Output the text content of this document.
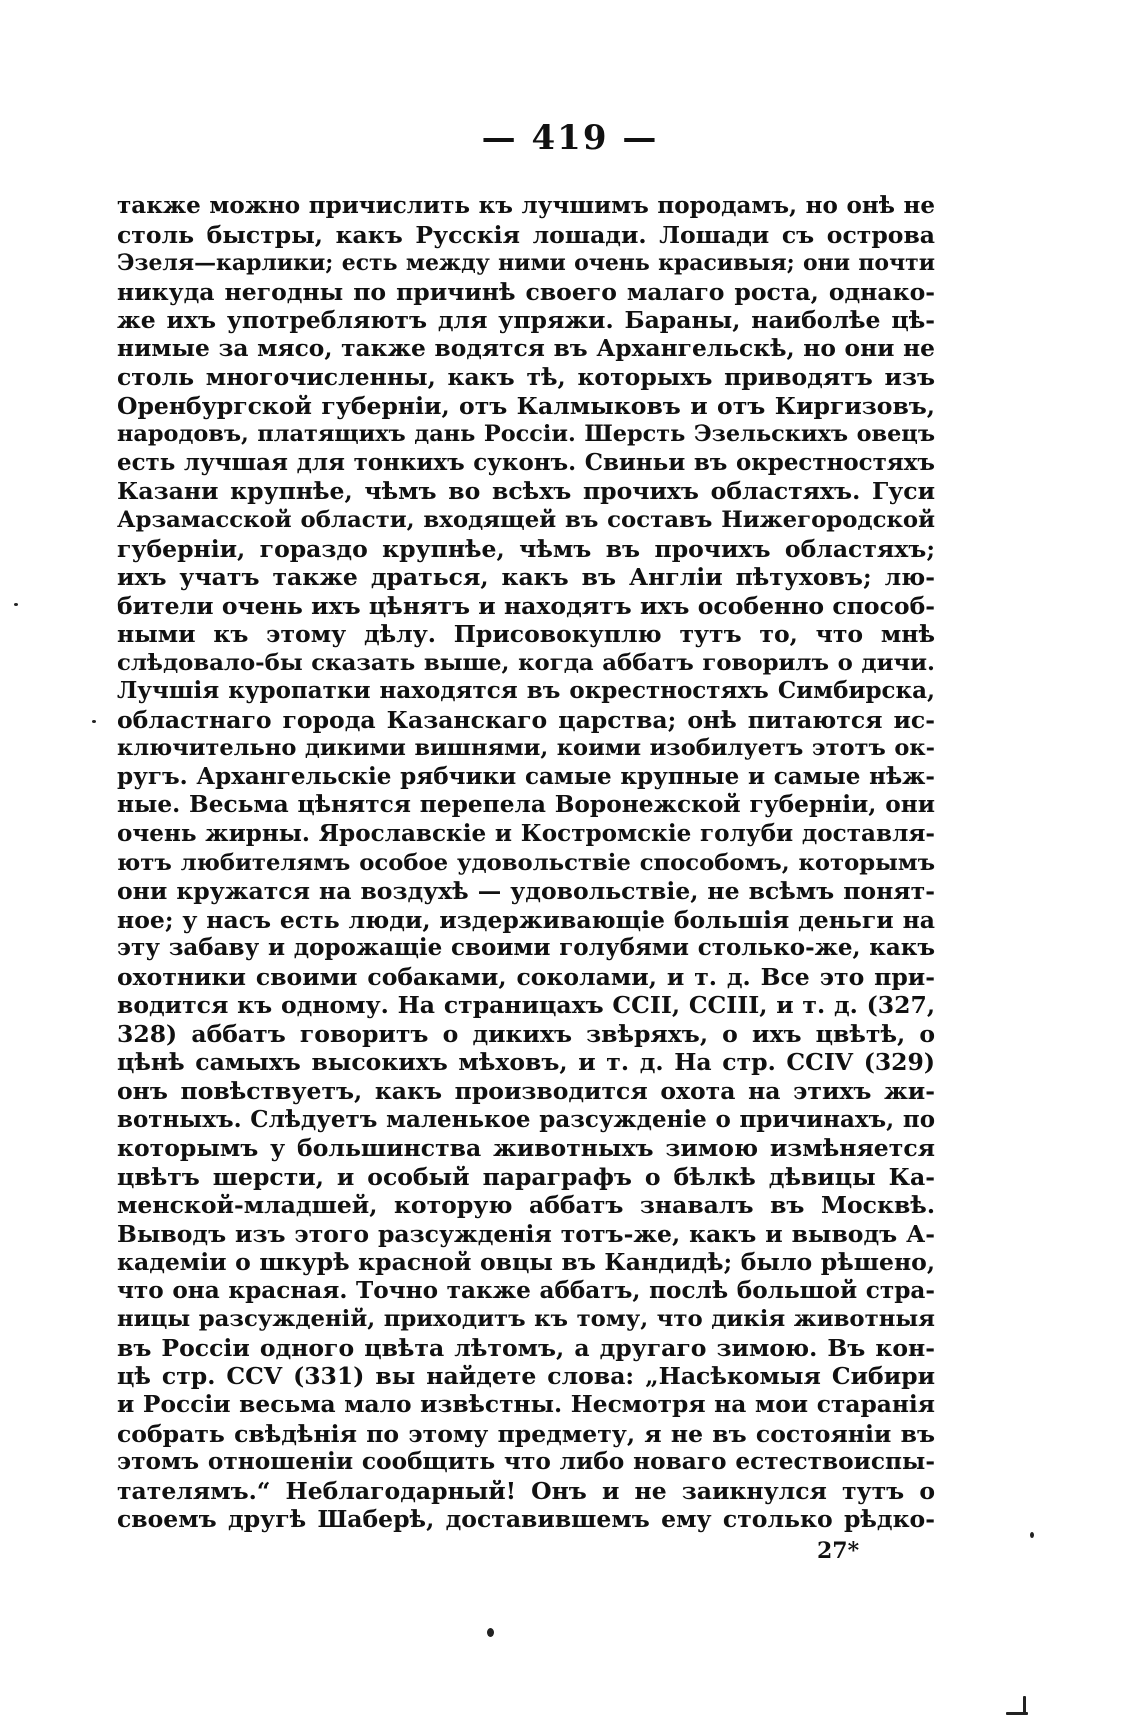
— 419 —
также можно причислить къ лучшимъ породамъ, но онѣ не
столь быстры, какъ Русскія лошади. Лошади съ острова
Эзеля—карлики; есть между ними очень красивыя; они почти
никуда негодны по причинѣ своего малаго роста, однако-
же ихъ употребляютъ для упряжи. Бараны, наиболѣе цѣ-
нимые за мясо, также водятся въ Архангельскѣ, но они не
столь многочисленны, какъ тѣ, которыхъ приводятъ изъ
Оренбургской губерніи, отъ Калмыковъ и отъ Киргизовъ,
народовъ, платящихъ дань Россіи. Шерсть Эзельскихъ овецъ
есть лучшая для тонкихъ суконъ. Свиньи въ окрестностяхъ
Казани крупнѣе, чѣмъ во всѣхъ прочихъ областяхъ. Гуси
Арзамасской области, входящей въ составъ Нижегородской
губерніи, гораздо крупнѣе, чѣмъ въ прочихъ областяхъ;
ихъ учатъ также драться, какъ въ Англіи пѣтуховъ; лю-
бители очень ихъ цѣнятъ и находятъ ихъ особенно способ-
ными къ этому дѣлу. Присовокуплю тутъ то, что мнѣ
слѣдовало-бы сказать выше, когда аббатъ говорилъ о дичи.
Лучшія куропатки находятся въ окрестностяхъ Симбирска,
областнаго города Казанскаго царства; онѣ питаются ис-
ключительно дикими вишнями, коими изобилуетъ этотъ ок-
ругъ. Архангельскіе рябчики самые крупные и самые нѣж-
ные. Весьма цѣнятся перепела Воронежской губерніи, они
очень жирны. Ярославскіе и Костромскіе голуби доставля-
ютъ любителямъ особое удовольствіе способомъ, которымъ
они кружатся на воздухѣ — удовольствіе, не всѣмъ понят-
ное; у насъ есть люди, издерживающіе большія деньги на
эту забаву и дорожащіе своими голубями столько-же, какъ
охотники своими собаками, соколами, и т. д. Все это при-
водится къ одному. На страницахъ CCII, CCIII, и т. д. (327,
328) аббатъ говоритъ о дикихъ звѣряхъ, о ихъ цвѣтѣ, о
цѣнѣ самыхъ высокихъ мѣховъ, и т. д. На стр. CCIV (329)
онъ повѣствуетъ, какъ производится охота на этихъ жи-
вотныхъ. Слѣдуетъ маленькое разсужденіе о причинахъ, по
которымъ у большинства животныхъ зимою измѣняется
цвѣтъ шерсти, и особый параграфъ о бѣлкѣ дѣвицы Ка-
менской-младшей, которую аббатъ знавалъ въ Москвѣ.
Выводъ изъ этого разсужденія тотъ-же, какъ и выводъ А-
кадеміи о шкурѣ красной овцы въ Кандидѣ; было рѣшено,
что она красная. Точно также аббатъ, послѣ большой стра-
ницы разсужденій, приходитъ къ тому, что дикія животныя
въ Россіи одного цвѣта лѣтомъ, а другаго зимою. Въ кон-
цѣ стр. CCV (331) вы найдете слова: „Насѣкомыя Сибири
и Россіи весьма мало извѣстны. Несмотря на мои старанія
собрать свѣдѣнія по этому предмету, я не въ состояніи въ
этомъ отношеніи сообщить что либо новаго естествоиспы-
тателямъ.“ Неблагодарный! Онъ и не заикнулся тутъ о
своемъ другѣ Шаберѣ, доставившемъ ему столько рѣдко-
27*
